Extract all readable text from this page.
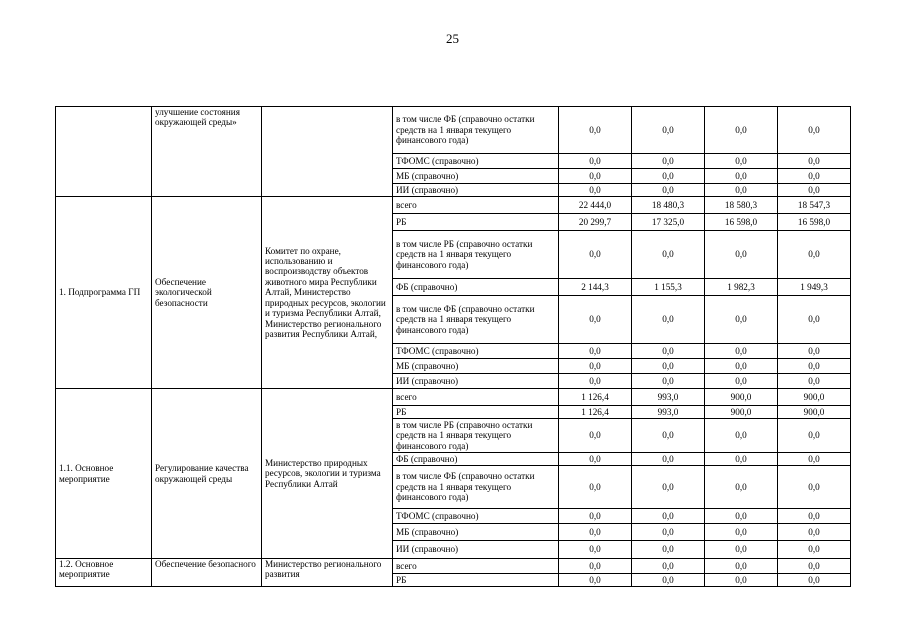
25
	улучшение состояния окружающей среды»		в том числе ФБ (справочно остатки средств на 1 января текущего финансового года)	0,0	0,0	0,0	0,0
			ТФОМС (справочно)	0,0	0,0	0,0	0,0
			МБ (справочно)	0,0	0,0	0,0	0,0
			ИИ (справочно)	0,0	0,0	0,0	0,0
1. Подпрограмма ГП	Обеспечение экологической безопасности	Комитет по охране, использованию и воспроизводству объектов животного мира Республики Алтай, Министерство природных ресурсов, экологии и туризма Республики Алтай, Министерство регионального развития Республики Алтай,	всего	22 444,0	18 480,3	18 580,3	18 547,3
			РБ	20 299,7	17 325,0	16 598,0	16 598,0
			в том числе РБ (справочно остатки средств на 1 января текущего финансового года)	0,0	0,0	0,0	0,0
			ФБ (справочно)	2 144,3	1 155,3	1 982,3	1 949,3
			в том числе ФБ (справочно остатки средств на 1 января текущего финансового года)	0,0	0,0	0,0	0,0
			ТФОМС (справочно)	0,0	0,0	0,0	0,0
			МБ (справочно)	0,0	0,0	0,0	0,0
			ИИ (справочно)	0,0	0,0	0,0	0,0
1.1. Основное мероприятие	Регулирование качества окружающей среды	Министерство природных ресурсов, экологии и туризма Республики Алтай	всего	1 126,4	993,0	900,0	900,0
			РБ	1 126,4	993,0	900,0	900,0
			в том числе РБ (справочно остатки средств на 1 января текущего финансового года)	0,0	0,0	0,0	0,0
			ФБ (справочно)	0,0	0,0	0,0	0,0
			в том числе ФБ (справочно остатки средств на 1 января текущего финансового года)	0,0	0,0	0,0	0,0
			ТФОМС (справочно)	0,0	0,0	0,0	0,0
			МБ (справочно)	0,0	0,0	0,0	0,0
			ИИ (справочно)	0,0	0,0	0,0	0,0
1.2. Основное мероприятие	Обеспечение безопасного	Министерство регионального развития	всего	0,0	0,0	0,0	0,0
			РБ	0,0	0,0	0,0	0,0
